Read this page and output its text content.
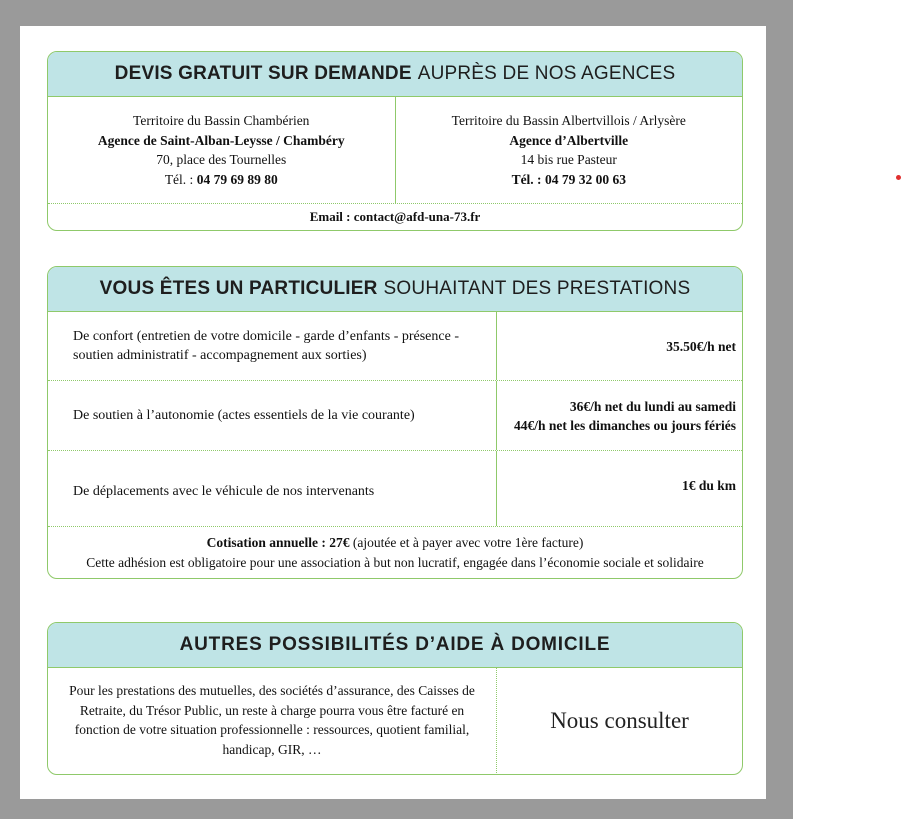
DEVIS GRATUIT SUR DEMANDE AUPRÈS DE NOS AGENCES
Territoire du Bassin Chambérien
Agence de Saint-Alban-Leysse / Chambéry
70, place des Tournelles
Tél. : 04 79 69 89 80
Territoire du Bassin Albertvillois / Arlysère
Agence d’Albertville
14 bis rue Pasteur
Tél. : 04 79 32 00 63
Email : contact@afd-una-73.fr
VOUS ÊTES UN PARTICULIER SOUHAITANT DES PRESTATIONS
De confort (entretien de votre domicile - garde d’enfants - présence - soutien administratif - accompagnement aux sorties)
35.50€/h net
De soutien à l’autonomie (actes essentiels de la vie courante)
36€/h net du lundi au samedi
44€/h net les dimanches ou jours fériés
De déplacements avec le véhicule de nos intervenants	1€ du km
Cotisation annuelle : 27€ (ajoutée et à payer avec votre 1ère facture)
Cette adhésion est obligatoire pour une association à but non lucratif, engagée dans l’économie sociale et solidaire
AUTRES POSSIBILITÉS D’AIDE À DOMICILE
Pour les prestations des mutuelles, des sociétés d’assurance, des Caisses de Retraite, du Trésor Public, un reste à charge pourra vous être facturé en fonction de votre situation professionnelle : ressources, quotient familial, handicap, GIR, …
Nous consulter
